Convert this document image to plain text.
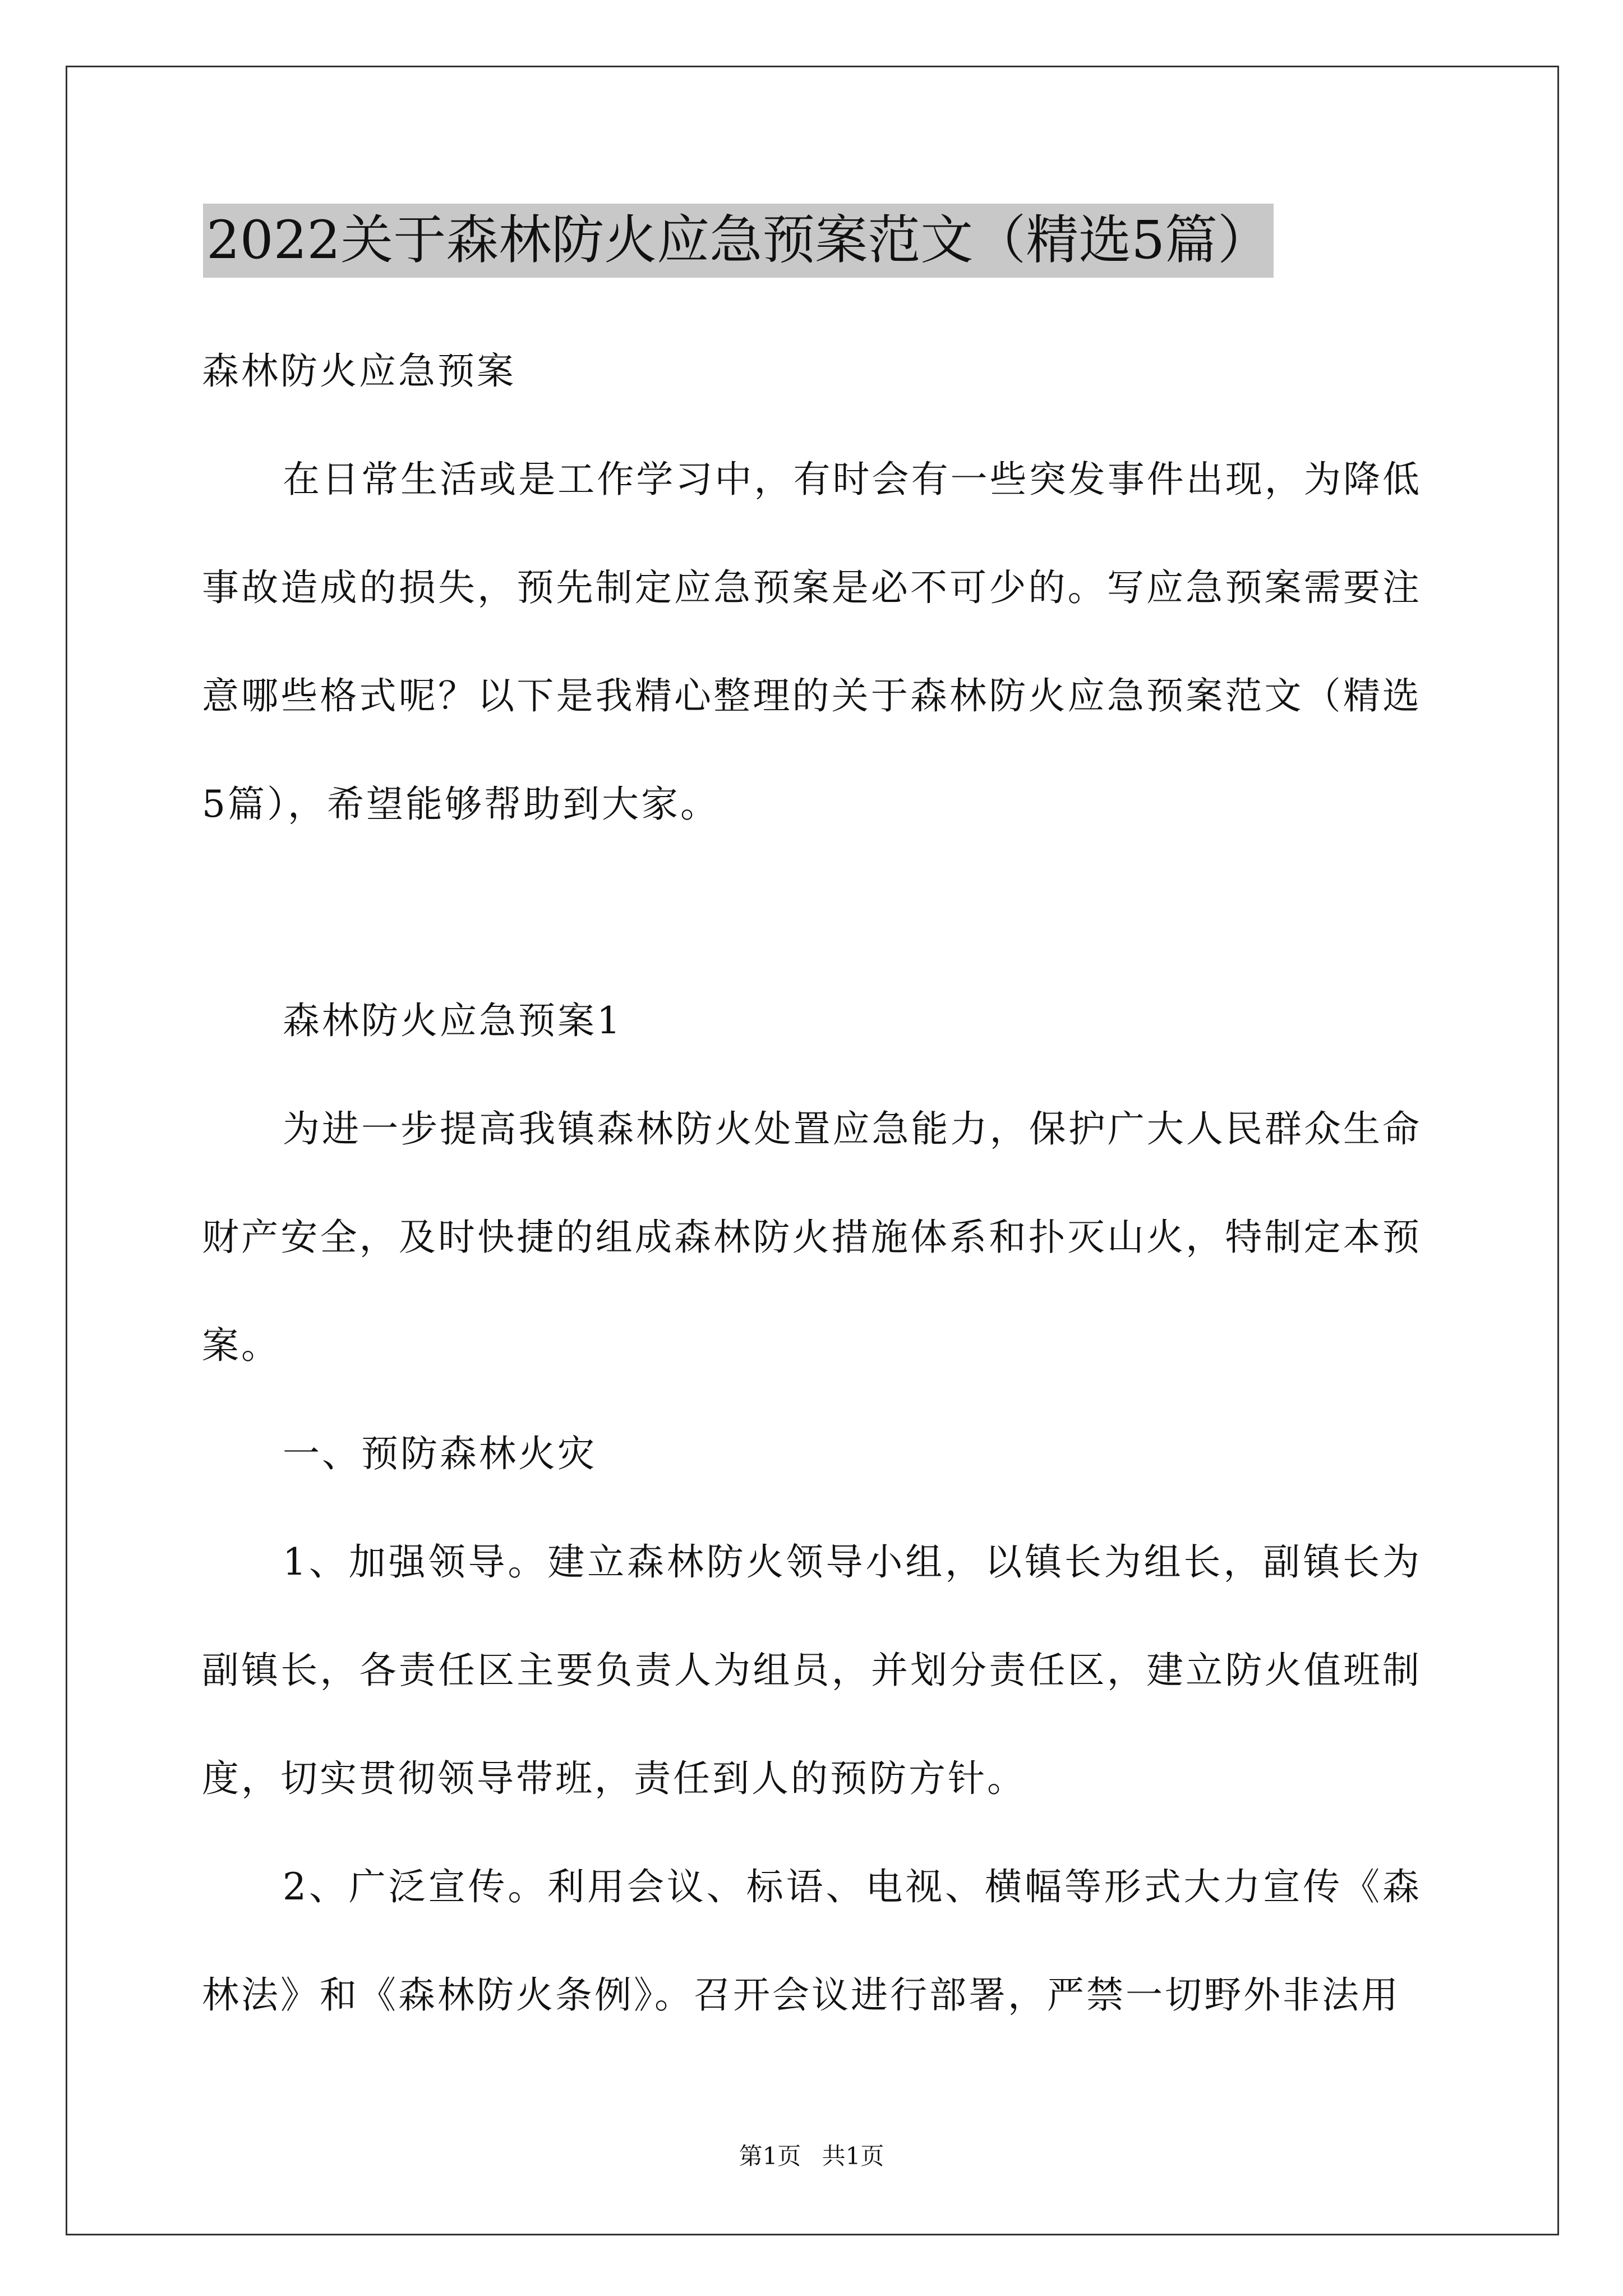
2022关于森林防火应急预案范文（精选5篇）

森林防火应急预案

在日常生活或是工作学习中，有时会有一些突发事件出现，为降低事故造成的损失，预先制定应急预案是必不可少的。写应急预案需要注意哪些格式呢？以下是我精心整理的关于森林防火应急预案范文（精选5篇），希望能够帮助到大家。

森林防火应急预案1

为进一步提高我镇森林防火处置应急能力，保护广大人民群众生命财产安全，及时快捷的组成森林防火措施体系和扑灭山火，特制定本预案。

一、预防森林火灾

1、加强领导。建立森林防火领导小组，以镇长为组长，副镇长为副镇长，各责任区主要负责人为组员，并划分责任区，建立防火值班制度，切实贯彻领导带班，责任到人的预防方针。

2、广泛宣传。利用会议、标语、电视、横幅等形式大力宣传《森林法》和《森林防火条例》。召开会议进行部署，严禁一切野外非法用

第1页 共1页
